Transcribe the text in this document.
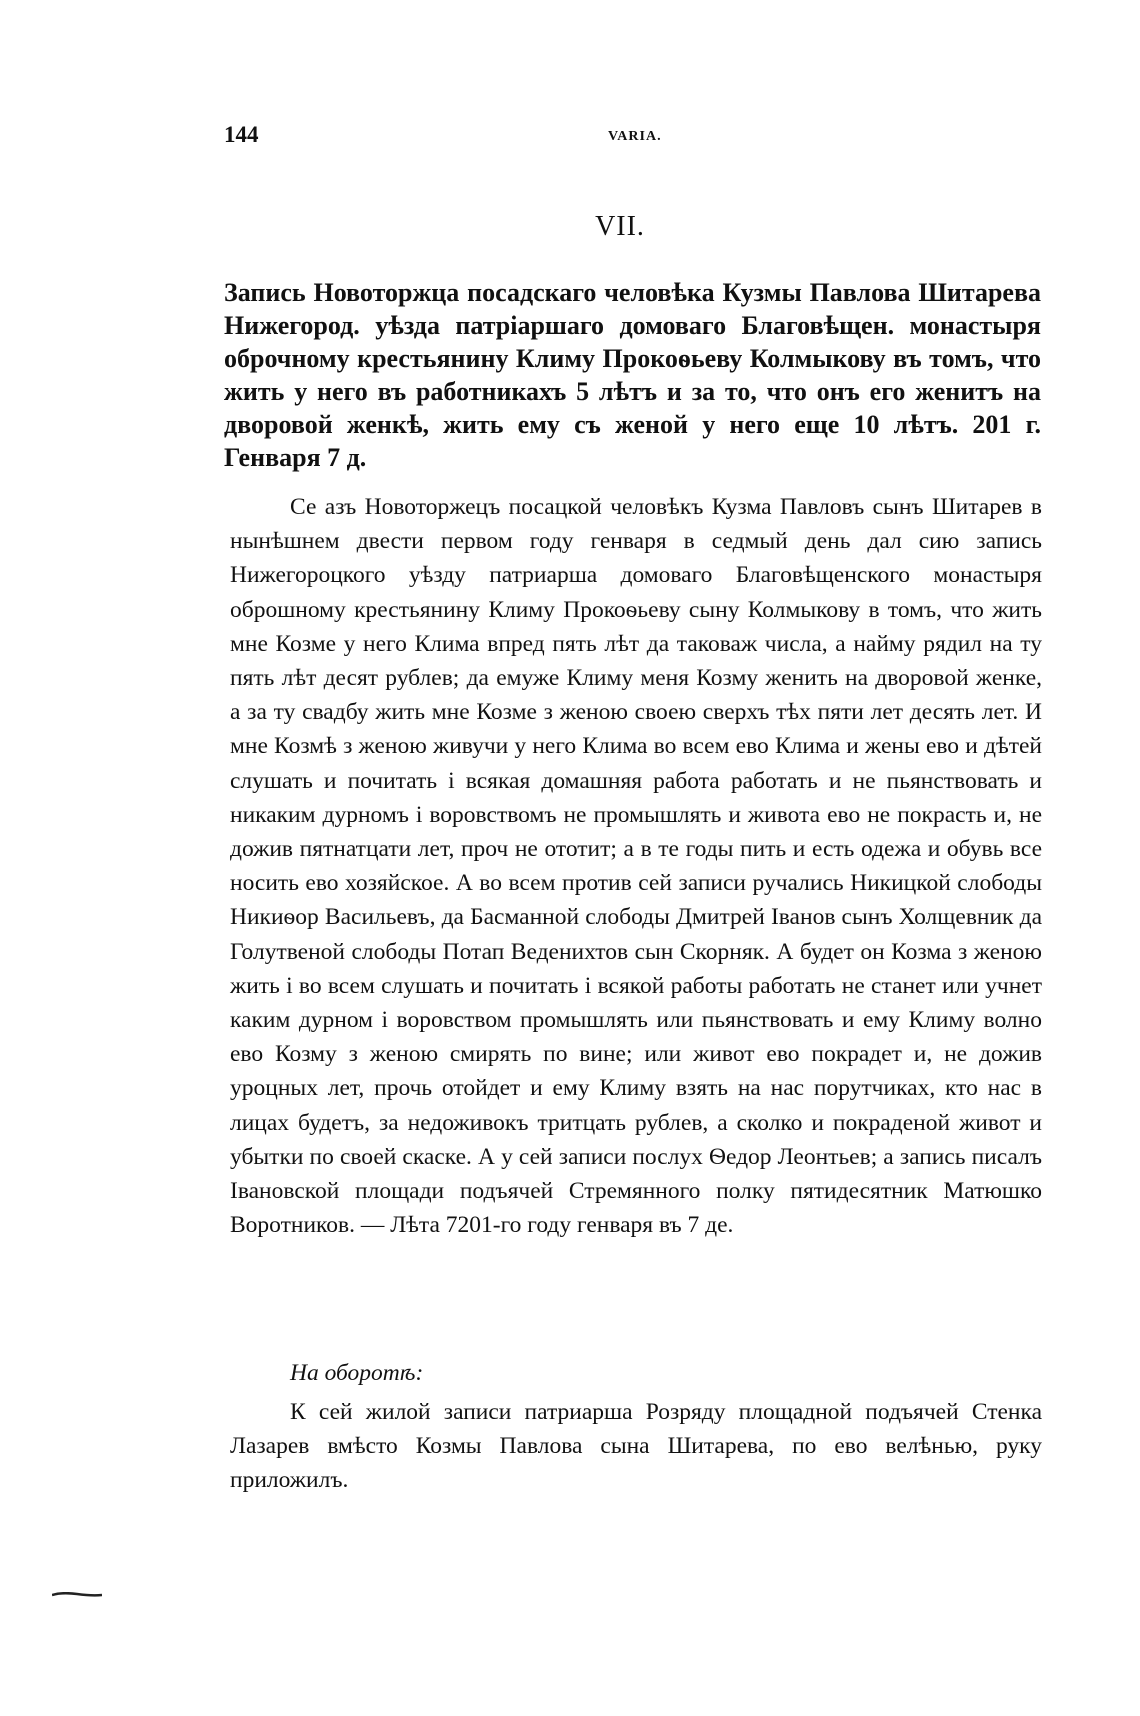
144	VARIA.
VII.

Запись Новоторжца посадскаго человѣка Кузмы Павлова Шитарева Нижегород. уѣзда патріаршаго домоваго Благовѣщен. монастыря оброчному крестьянину Климу Прокоѳьеву Колмыкову въ томъ, что жить у него въ работникахъ 5 лѣтъ и за то, что онъ его женитъ на дворовой женкѣ, жить ему съ женой у него еще 10 лѣтъ. 201 г. Генваря 7 д.

Се азъ Новоторжецъ посацкой человѣкъ Кузма Павловъ сынъ Шитарев в нынѣшнем двести первом году генваря в седмый день дал сию запись Нижегороцкого уѣзду патриарша домоваго Благовѣщенского монастыря оброшному крестьянину Климу Прокоѳьеву сыну Колмыкову в томъ, что жить мне Козме у него Клима впред пять лѣт да таковаж числа, а найму рядил на ту пять лѣт десят рублев; да емуже Климу меня Козму женить на дворовой женке, а за ту свадбу жить мне Козме з женою своею сверхъ тѣх пяти лет десять лет. И мне Козмѣ з женою живучи у него Клима во всем ево Клима и жены ево и дѣтей слушать и почитать і всякая домашняя работа работать и не пьянствовать и никаким дурномъ і воровствомъ не промышлять и живота ево не покрасть и, не дожив пятнатцати лет, проч не ототит; а в те годы пить и есть одежа и обувь все носить ево хозяйское. А во всем против сей записи ручались Никицкой слободы Никиѳор Васильевъ, да Басманной слободы Дмитрей Іванов сынъ Холщевник да Голутвеной слободы Потап Веденихтов сын Скорняк. А будет он Козма з женою жить і во всем слушать и почитать і всякой работы работать не станет или учнет каким дурном і воровством промышлять или пьянствовать и ему Климу волно ево Козму з женою смирять по вине; или живот ево покрадет и, не дожив уроцных лет, прочь отойдет и ему Климу взять на нас порутчиках, кто нас в лицах будетъ, за недоживокъ тритцать рублев, а сколко и покраденой живот и убытки по своей скаске. А у сей записи послух Ѳедор Леонтьев; а запись писалъ Івановской площади подъячей Стремянного полку пятидесятник Матюшко Воротников. — Лѣта 7201-го году генваря въ 7 де.

На оборотѣ:

К сей жилой записи патриарша Розряду площадной подъячей Стенка Лазарев вмѣсто Козмы Павлова сына Шитарева, по ево велѣнью, руку приложилъ.
